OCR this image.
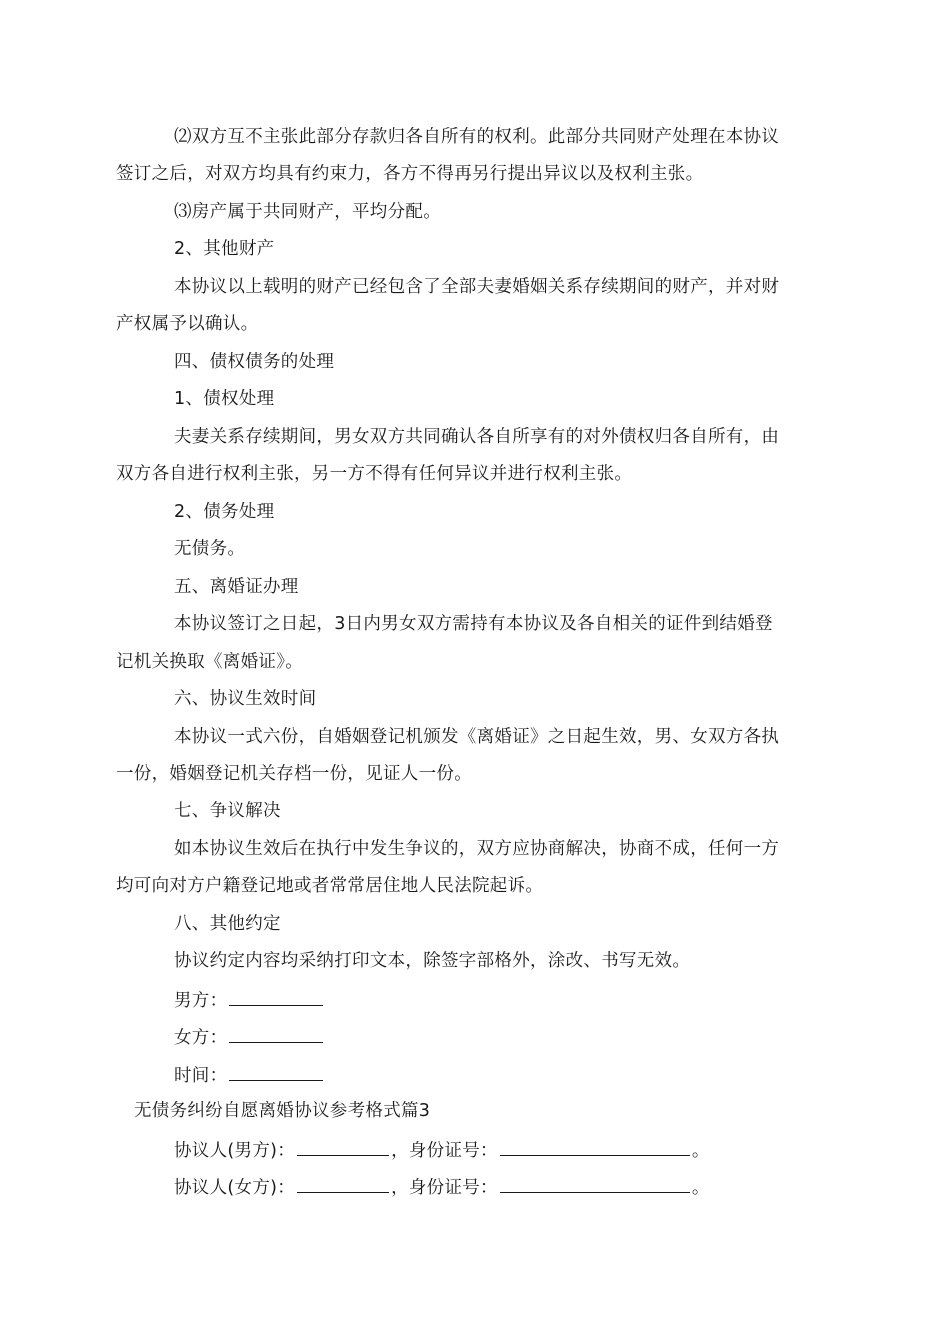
⑵双方互不主张此部分存款归各自所有的权利。此部分共同财产处理在本协议
签订之后，对双方均具有约束力，各方不得再另行提出异议以及权利主张。
⑶房产属于共同财产，平均分配。
2、其他财产
本协议以上载明的财产已经包含了全部夫妻婚姻关系存续期间的财产，并对财
产权属予以确认。
四、债权债务的处理
1、债权处理
夫妻关系存续期间，男女双方共同确认各自所享有的对外债权归各自所有，由
双方各自进行权利主张，另一方不得有任何异议并进行权利主张。
2、债务处理
无债务。
五、离婚证办理
本协议签订之日起，3日内男女双方需持有本协议及各自相关的证件到结婚登
记机关换取《离婚证》。
六、协议生效时间
本协议一式六份，自婚姻登记机颁发《离婚证》之日起生效，男、女双方各执
一份，婚姻登记机关存档一份，见证人一份。
七、争议解决
如本协议生效后在执行中发生争议的，双方应协商解决，协商不成，任何一方
均可向对方户籍登记地或者常常居住地人民法院起诉。
八、其他约定
协议约定内容均采纳打印文本，除签字部格外，涂改、书写无效。
男方：
女方：
时间：
无债务纠纷自愿离婚协议参考格式篇3
协议人(男方)：	，身份证号：	。
协议人(女方)：	，身份证号：	。
